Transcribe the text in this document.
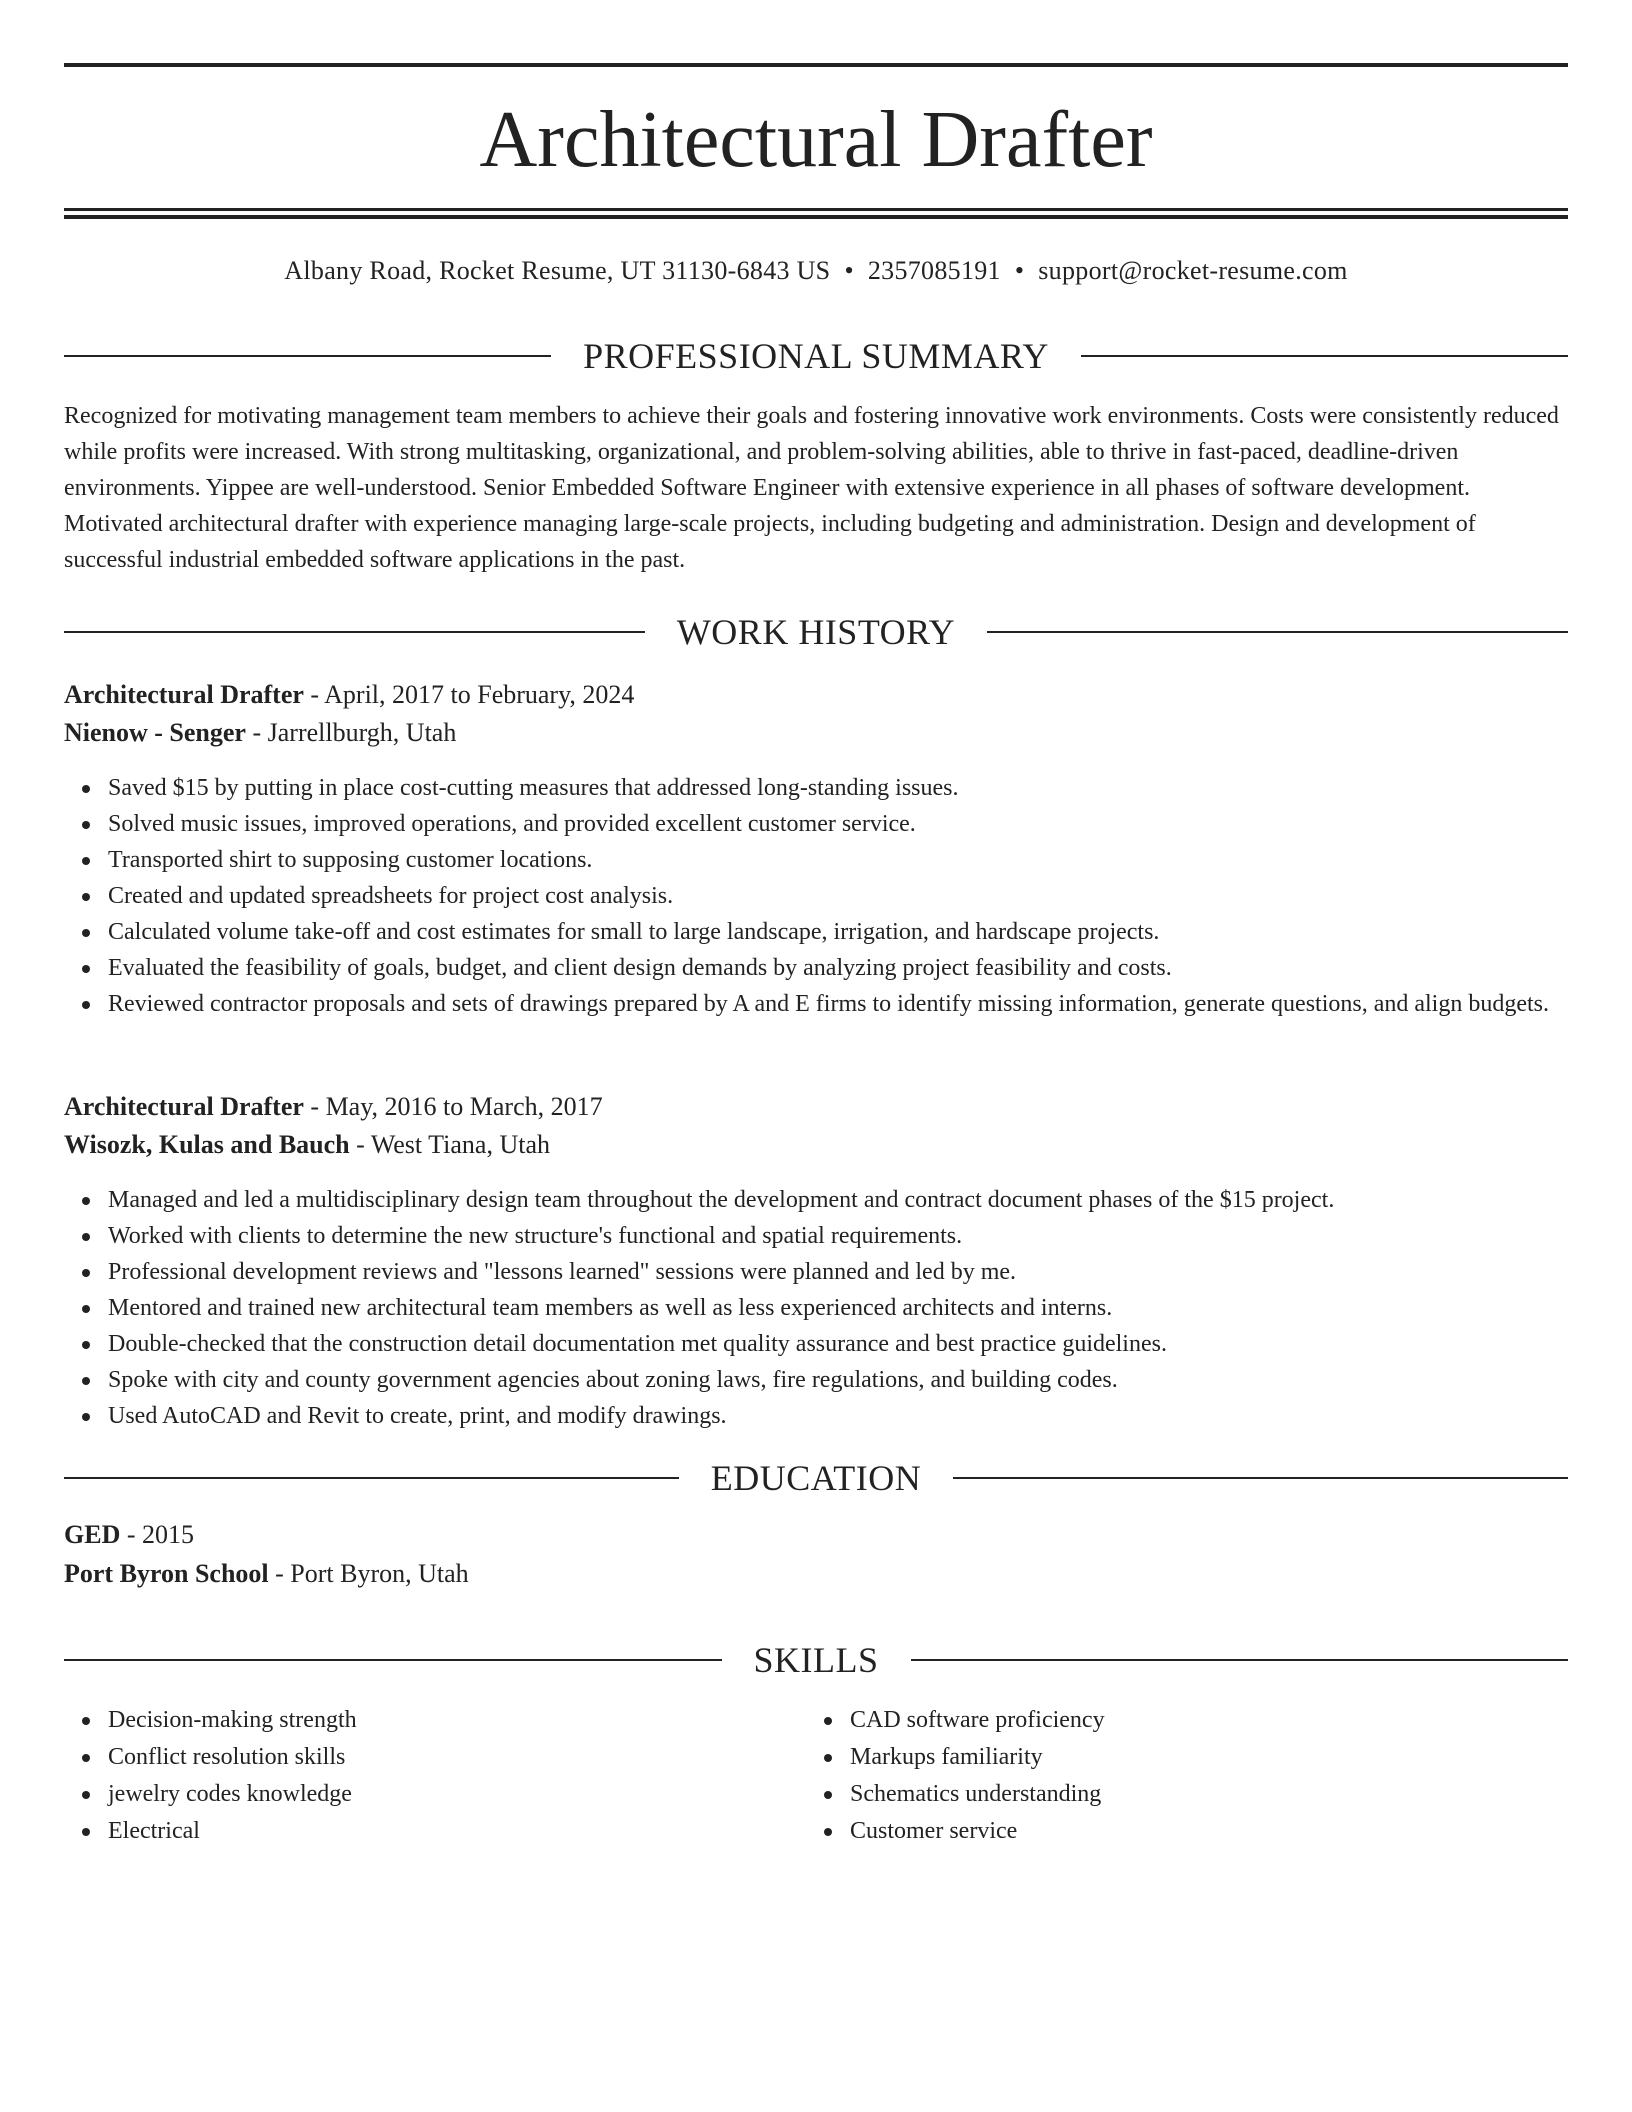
Architectural Drafter
Albany Road, Rocket Resume, UT 31130-6843 US • 2357085191 • support@rocket-resume.com
PROFESSIONAL SUMMARY

Recognized for motivating management team members to achieve their goals and fostering innovative work environments. Costs were consistently reduced while profits were increased. With strong multitasking, organizational, and problem-solving abilities, able to thrive in fast-paced, deadline-driven environments. Yippee are well-understood. Senior Embedded Software Engineer with extensive experience in all phases of software development. Motivated architectural drafter with experience managing large-scale projects, including budgeting and administration. Design and development of successful industrial embedded software applications in the past.

WORK HISTORY
Architectural Drafter - April, 2017 to February, 2024
Nienow - Senger - Jarrellburgh, Utah
Saved $15 by putting in place cost-cutting measures that addressed long-standing issues.
Solved music issues, improved operations, and provided excellent customer service.
Transported shirt to supposing customer locations.
Created and updated spreadsheets for project cost analysis.
Calculated volume take-off and cost estimates for small to large landscape, irrigation, and hardscape projects.
Evaluated the feasibility of goals, budget, and client design demands by analyzing project feasibility and costs.
Reviewed contractor proposals and sets of drawings prepared by A and E firms to identify missing information, generate questions, and align budgets.
Architectural Drafter - May, 2016 to March, 2017
Wisozk, Kulas and Bauch - West Tiana, Utah
Managed and led a multidisciplinary design team throughout the development and contract document phases of the $15 project.
Worked with clients to determine the new structure's functional and spatial requirements.
Professional development reviews and "lessons learned" sessions were planned and led by me.
Mentored and trained new architectural team members as well as less experienced architects and interns.
Double-checked that the construction detail documentation met quality assurance and best practice guidelines.
Spoke with city and county government agencies about zoning laws, fire regulations, and building codes.
Used AutoCAD and Revit to create, print, and modify drawings.
EDUCATION
GED - 2015
Port Byron School - Port Byron, Utah
SKILLS
Decision-making strength
Conflict resolution skills
jewelry codes knowledge
Electrical
CAD software proficiency
Markups familiarity
Schematics understanding
Customer service
